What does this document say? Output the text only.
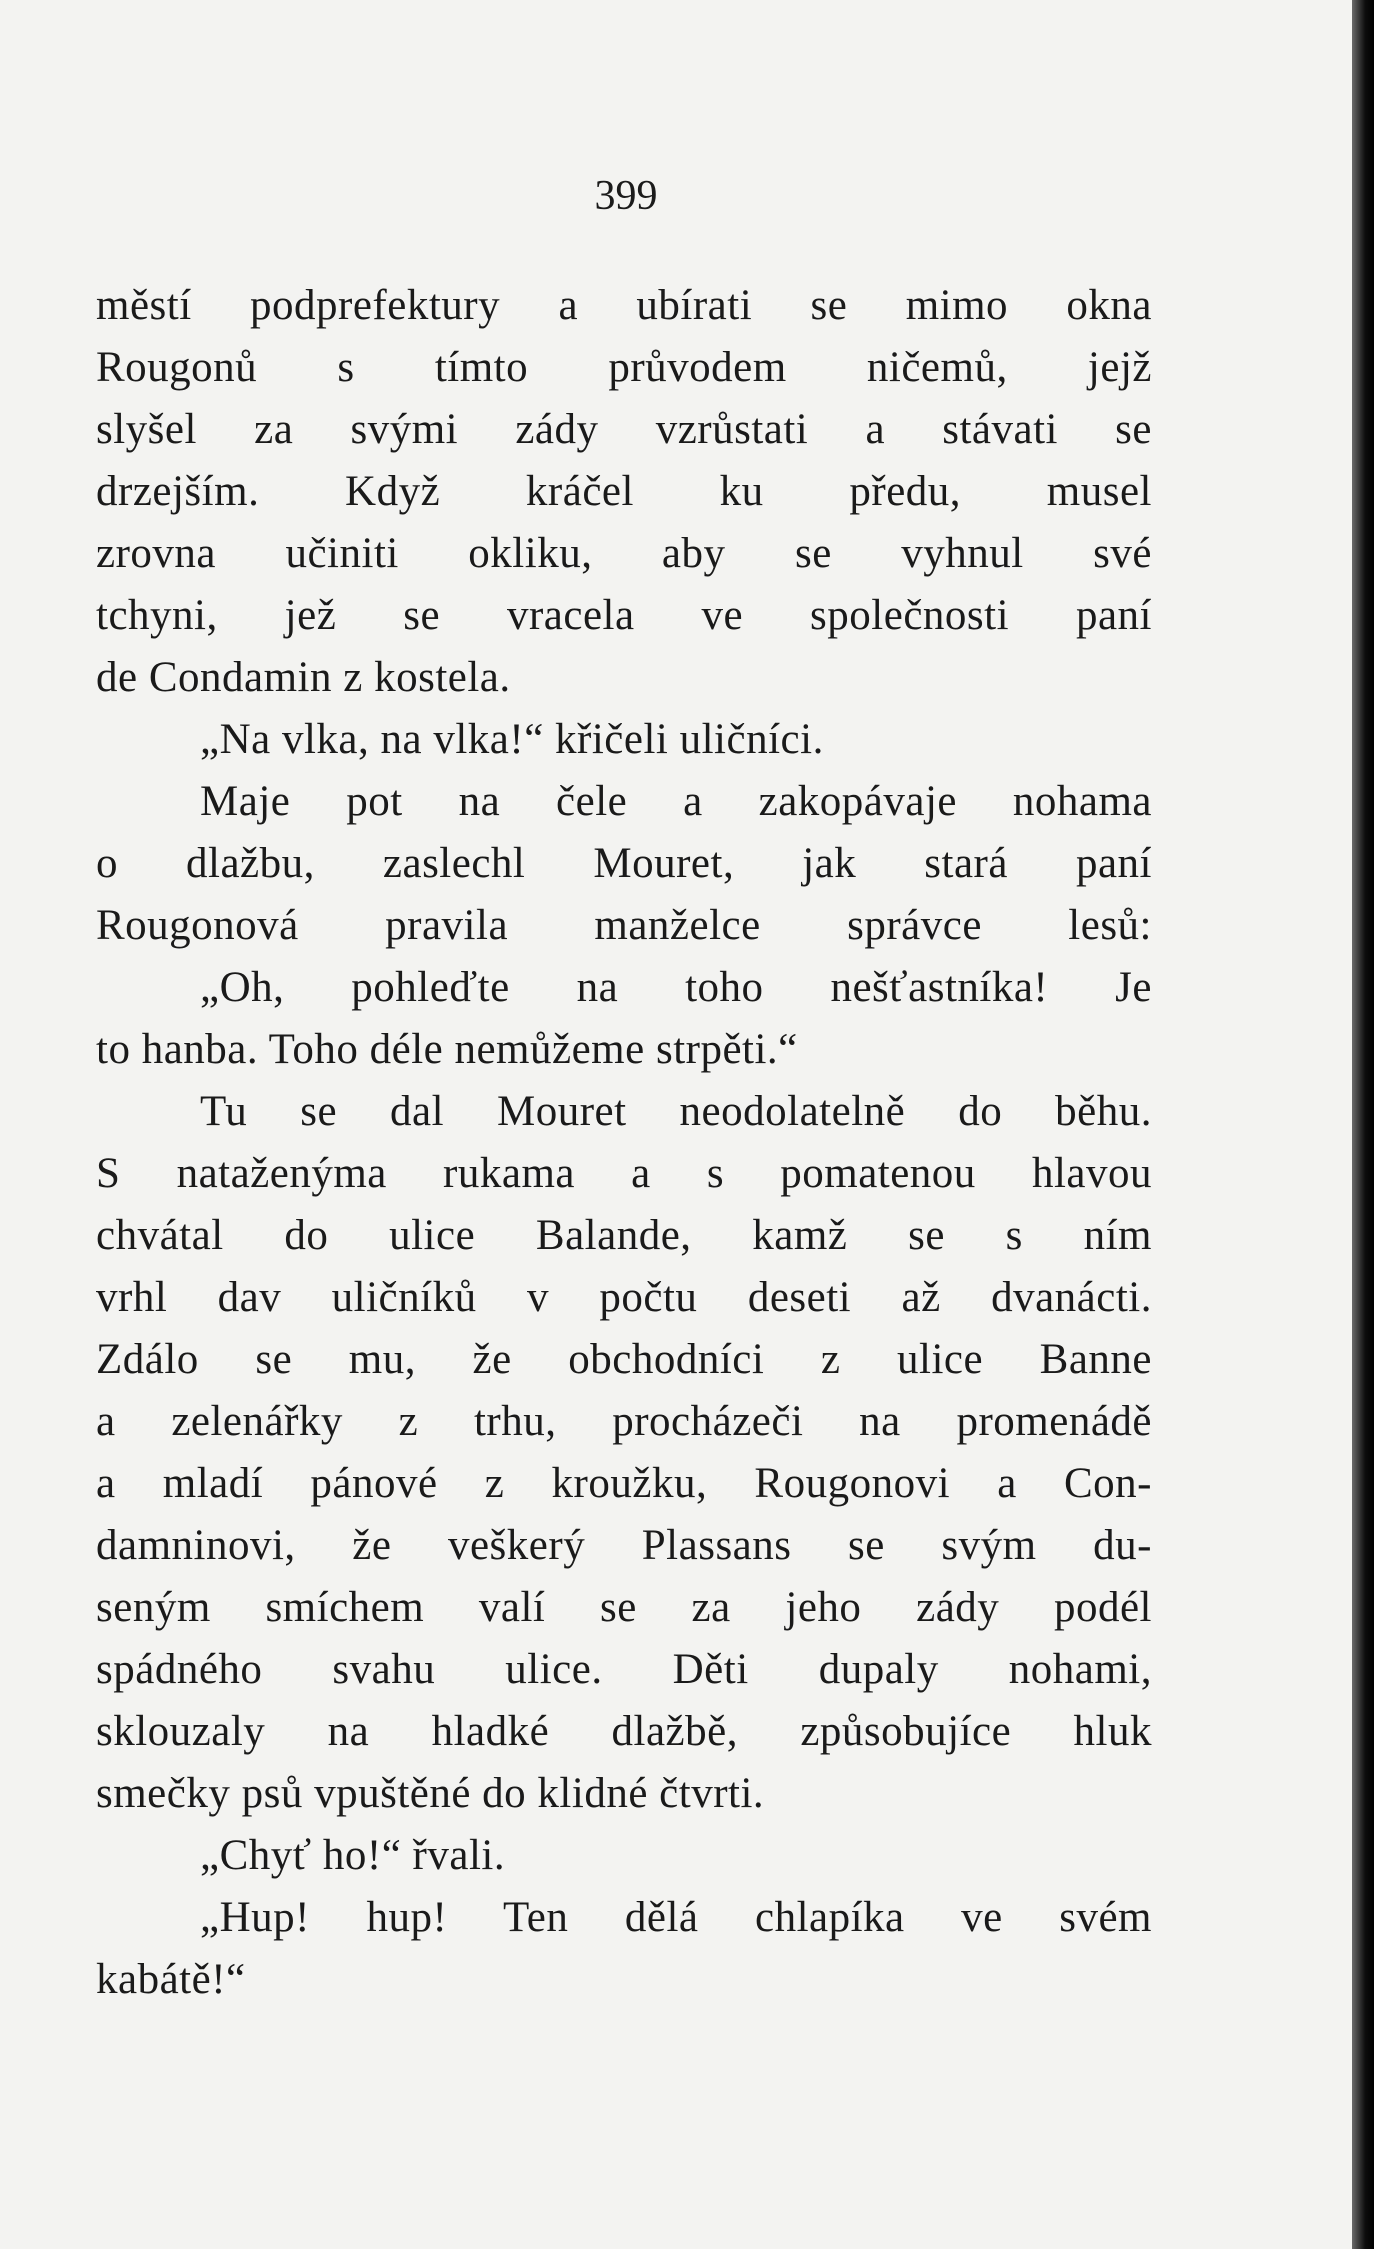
399
městí podprefektury a ubírati se mimo okna
Rougonů s tímto průvodem ničemů, jejž
slyšel za svými zády vzrůstati a stávati se
drzejším. Když kráčel ku předu, musel
zrovna učiniti okliku, aby se vyhnul své
tchyni, jež se vracela ve společnosti paní
de Condamin z kostela.
„Na vlka, na vlka!“ křičeli uličníci.
Maje pot na čele a zakopávaje nohama
o dlažbu, zaslechl Mouret, jak stará paní
Rougonová pravila manželce správce lesů:
„Oh, pohleďte na toho nešťastníka! Je
to hanba. Toho déle nemůžeme strpěti.“
Tu se dal Mouret neodolatelně do běhu.
S nataženýma rukama a s pomatenou hlavou
chvátal do ulice Balande, kamž se s ním
vrhl dav uličníků v počtu deseti až dvanácti.
Zdálo se mu, že obchodníci z ulice Banne
a zelenářky z trhu, procházeči na promenádě
a mladí pánové z kroužku, Rougonovi a Con-
damninovi, že veškerý Plassans se svým du-
seným smíchem valí se za jeho zády podél
spádného svahu ulice. Děti dupaly nohami,
sklouzaly na hladké dlažbě, způsobujíce hluk
smečky psů vpuštěné do klidné čtvrti.
„Chyť ho!“ řvali.
„Hup! hup! Ten dělá chlapíka ve svém
kabátě!“
